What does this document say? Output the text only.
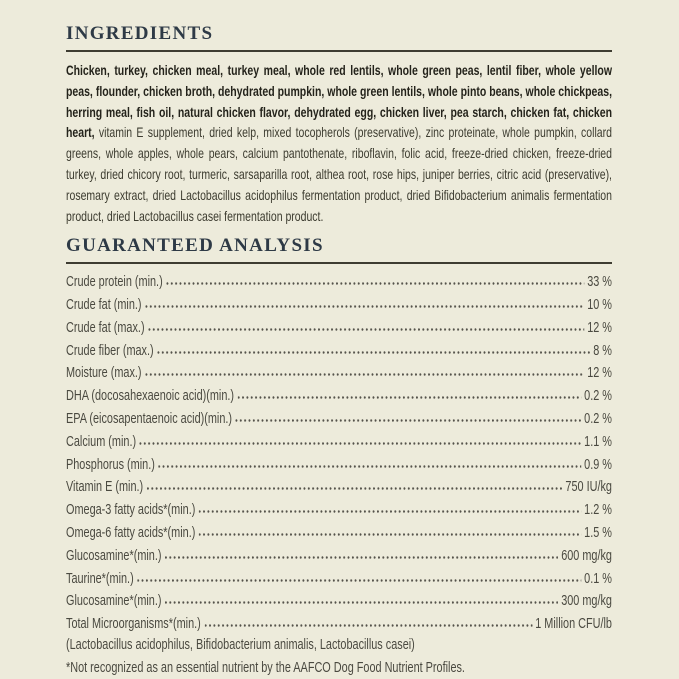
INGREDIENTS

Chicken, turkey, chicken meal, turkey meal, whole red lentils, whole green peas, lentil fiber, whole yellow peas, flounder, chicken broth, dehydrated pumpkin, whole green lentils, whole pinto beans, whole chickpeas, herring meal, fish oil, natural chicken flavor, dehydrated egg, chicken liver, pea starch, chicken fat, chicken heart, vitamin E supplement, dried kelp, mixed tocopherols (preservative), zinc proteinate, whole pumpkin, collard greens, whole apples, whole pears, calcium pantothenate, riboflavin, folic acid, freeze-dried chicken, freeze-dried turkey, dried chicory root, turmeric, sarsaparilla root, althea root, rose hips, juniper berries, citric acid (preservative), rosemary extract, dried Lactobacillus acidophilus fermentation product, dried Bifidobacterium animalis fermentation product, dried Lactobacillus casei fermentation product.

GUARANTEED ANALYSIS
Crude protein (min.)	33 %
Crude fat (min.)	10 %
Crude fat (max.)	12 %
Crude fiber (max.)	8 %
Moisture (max.)	12 %
DHA (docosahexaenoic acid)(min.)	0.2 %
EPA (eicosapentaenoic acid)(min.)	0.2 %
Calcium (min.)	1.1 %
Phosphorus (min.)	0.9 %
Vitamin E (min.)	750 IU/kg
Omega-3 fatty acids*(min.)	1.2 %
Omega-6 fatty acids*(min.)	1.5 %
Glucosamine*(min.)	600 mg/kg
Taurine*(min.)	0.1 %
Glucosamine*(min.)	300 mg/kg
Total Microorganisms*(min.)	1 Million CFU/lb

(Lactobacillus acidophilus, Bifidobacterium animalis, Lactobacillus casei)

*Not recognized as an essential nutrient by the AAFCO Dog Food Nutrient Profiles.
